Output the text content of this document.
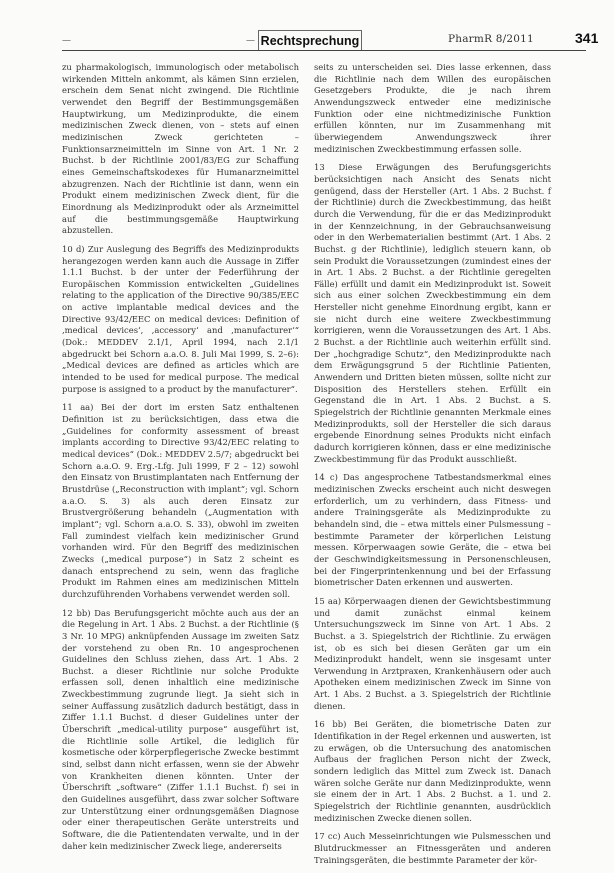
—	— Rechtsprechung	PharmR 8/2011	341

zu pharmakologisch, immunologisch oder metabolisch wirkenden Mitteln ankommt, als kämen Sinn erzielen, erschein dem Senat nicht zwingend. Die Richtlinie verwendet den Begriff der Bestimmungsgemäßen Hauptwirkung, um Medizinprodukte, die einem medizinischen Zweck dienen, von – stets auf einen medizinischen Zweck gerichteten – Funktionsarzneimitteln im Sinne von Art. 1 Nr. 2 Buchst. b der Richtlinie 2001/83/EG zur Schaffung eines Gemeinschaftskodexes für Humanarzneimittel abzugrenzen. Nach der Richtlinie ist dann, wenn ein Produkt einem medizinischen Zweck dient, für die Einordnung als Medizinprodukt oder als Arzneimittel auf die bestimmungsgemäße Hauptwirkung abzustellen.

10 d) Zur Auslegung des Begriffs des Medizinprodukts herangezogen werden kann auch die Aussage in Ziffer 1.1.1 Buchst. b der unter der Federführung der Europäischen Kommission entwickelten „Guidelines relating to the application of the Directive 90/385/EEC on active implantable medical devices and the Directive 93/42/EEC on medical devices: Definition of ‚medical devices‘, ‚accessory‘ and ‚manufacturer‘“ (Dok.: MEDDEV 2.1/1, April 1994, nach 2.1/1 abgedruckt bei Schorn a.a.O. 8. Juli Mai 1999, S. 2–6): „Medical devices are defined as articles which are intended to be used for medical purpose. The medical purpose is assigned to a product by the manufacturer“.

11 aa) Bei der dort im ersten Satz enthaltenen Definition ist zu berücksichtigen, dass etwa die „Guidelines for conformity assessment of breast implants according to Directive 93/42/EEC relating to medical devices“ (Dok.: MEDDEV 2.5/7; abgedruckt bei Schorn a.a.O. 9. Erg.-Lfg. Juli 1999, F 2 – 12) sowohl den Einsatz von Brustimplantaten nach Entfernung der Brustdrüse („Reconstruction with implant“; vgl. Schorn a.a.O. S. 3) als auch deren Einsatz zur Brustvergrößerung behandeln („Augmentation with implant“; vgl. Schorn a.a.O. S. 33), obwohl im zweiten Fall zumindest vielfach kein medizinischer Grund vorhanden wird. Für den Begriff des medizinischen Zwecks („medical purpose“) in Satz 2 scheint es danach entsprechend zu sein, wenn das fragliche Produkt im Rahmen eines am medizinischen Mitteln durchzuführenden Vorhabens verwendet werden soll.

12 bb) Das Berufungsgericht möchte auch aus der an die Regelung in Art. 1 Abs. 2 Buchst. a der Richtlinie (§ 3 Nr. 10 MPG) anknüpfenden Aussage im zweiten Satz der vorstehend zu oben Rn. 10 angesprochenen Guidelines den Schluss ziehen, dass Art. 1 Abs. 2 Buchst. a dieser Richtlinie nur solche Produkte erfassen soll, denen inhaltlich eine medizinische Zweckbestimmung zugrunde liegt. Ja sieht sich in seiner Auffassung zusätzlich dadurch bestätigt, dass in Ziffer 1.1.1 Buchst. d dieser Guidelines unter der Überschrift „medical-utility purpose“ ausgeführt ist, die Richtlinie solle Artikel, die lediglich für kosmetische oder körperpflegerische Zwecke bestimmt sind, selbst dann nicht erfassen, wenn sie der Abwehr von Krankheiten dienen könnten. Unter der Überschrift „software“ (Ziffer 1.1.1 Buchst. f) sei in den Guidelines ausgeführt, dass zwar solcher Software zur Unterstützung einer ordnungsgemäßen Diagnose oder einer therapeutischen Geräte unterstreits und Software, die die Patientendaten verwalte, und in der daher kein medizinischer Zweck liege, andererseits

seits zu unterscheiden sei. Dies lasse erkennen, dass die Richtlinie nach dem Willen des europäischen Gesetzgebers Produkte, die je nach ihrem Anwendungszweck entweder eine medizinische Funktion oder eine nichtmedizinische Funktion erfüllen könnten, nur im Zusammenhang mit überwiegendem Anwendungszweck ihrer medizinischen Zweckbestimmung erfassen solle.

13 Diese Erwägungen des Berufungsgerichts berücksichtigen nach Ansicht des Senats nicht genügend, dass der Hersteller (Art. 1 Abs. 2 Buchst. f der Richtlinie) durch die Zweckbestimmung, das heißt durch die Verwendung, für die er das Medizinprodukt in der Kennzeichnung, in der Gebrauchsanweisung oder in den Werbematerialien bestimmt (Art. 1 Abs. 2 Buchst. g der Richtlinie), lediglich steuern kann, ob sein Produkt die Voraussetzungen (zumindest eines der in Art. 1 Abs. 2 Buchst. a der Richtlinie geregelten Fälle) erfüllt und damit ein Medizinprodukt ist. Soweit sich aus einer solchen Zweckbestimmung ein dem Hersteller nicht genehme Einordnung ergibt, kann er sie nicht durch eine weitere Zweckbestimmung korrigieren, wenn die Voraussetzungen des Art. 1 Abs. 2 Buchst. a der Richtlinie auch weiterhin erfüllt sind. Der „hochgradige Schutz“, den Medizinprodukte nach dem Erwägungsgrund 5 der Richtlinie Patienten, Anwendern und Dritten bieten müssen, sollte nicht zur Disposition des Herstellers stehen. Erfüllt ein Gegenstand die in Art. 1 Abs. 2 Buchst. a S. Spiegelstrich der Richtlinie genannten Merkmale eines Medizinprodukts, soll der Hersteller die sich daraus ergebende Einordnung seines Produkts nicht einfach dadurch korrigieren können, dass er eine medizinische Zweckbestimmung für das Produkt ausschließt.

14 c) Das angesprochene Tatbestandsmerkmal eines medizinischen Zwecks erscheint auch nicht deswegen erforderlich, um zu verhindern, dass Fitness- und andere Trainingsgeräte als Medizinprodukte zu behandeln sind, die – etwa mittels einer Pulsmessung – bestimmte Parameter der körperlichen Leistung messen. Körperwaagen sowie Geräte, die – etwa bei der Geschwindigkeitsmessung in Personenschleusen, bei der Fingerprintenkennung und bei der Erfassung biometrischer Daten erkennen und auswerten.

15 aa) Körperwaagen dienen der Gewichtsbestimmung und damit zunächst einmal keinem Untersuchungszweck im Sinne von Art. 1 Abs. 2 Buchst. a 3. Spiegelstrich der Richtlinie. Zu erwägen ist, ob es sich bei diesen Geräten gar um ein Medizinprodukt handelt, wenn sie insgesamt unter Verwendung in Arztpraxen, Krankenhäusern oder auch Apotheken einem medizinischen Zweck im Sinne von Art. 1 Abs. 2 Buchst. a 3. Spiegelstrich der Richtlinie dienen.

16 bb) Bei Geräten, die biometrische Daten zur Identifikation in der Regel erkennen und auswerten, ist zu erwägen, ob die Untersuchung des anatomischen Aufbaus der fraglichen Person nicht der Zweck, sondern lediglich das Mittel zum Zweck ist. Danach wären solche Geräte nur dann Medizinprodukte, wenn sie einem der in Art. 1 Abs. 2 Buchst. a 1. und 2. Spiegelstrich der Richtlinie genannten, ausdrücklich medizinischen Zwecke dienen sollen.

17 cc) Auch Messeinrichtungen wie Pulsmesschen und Blutdruckmesser an Fitnessgeräten und anderen Trainingsgeräten, die bestimmte Parameter der kör-
